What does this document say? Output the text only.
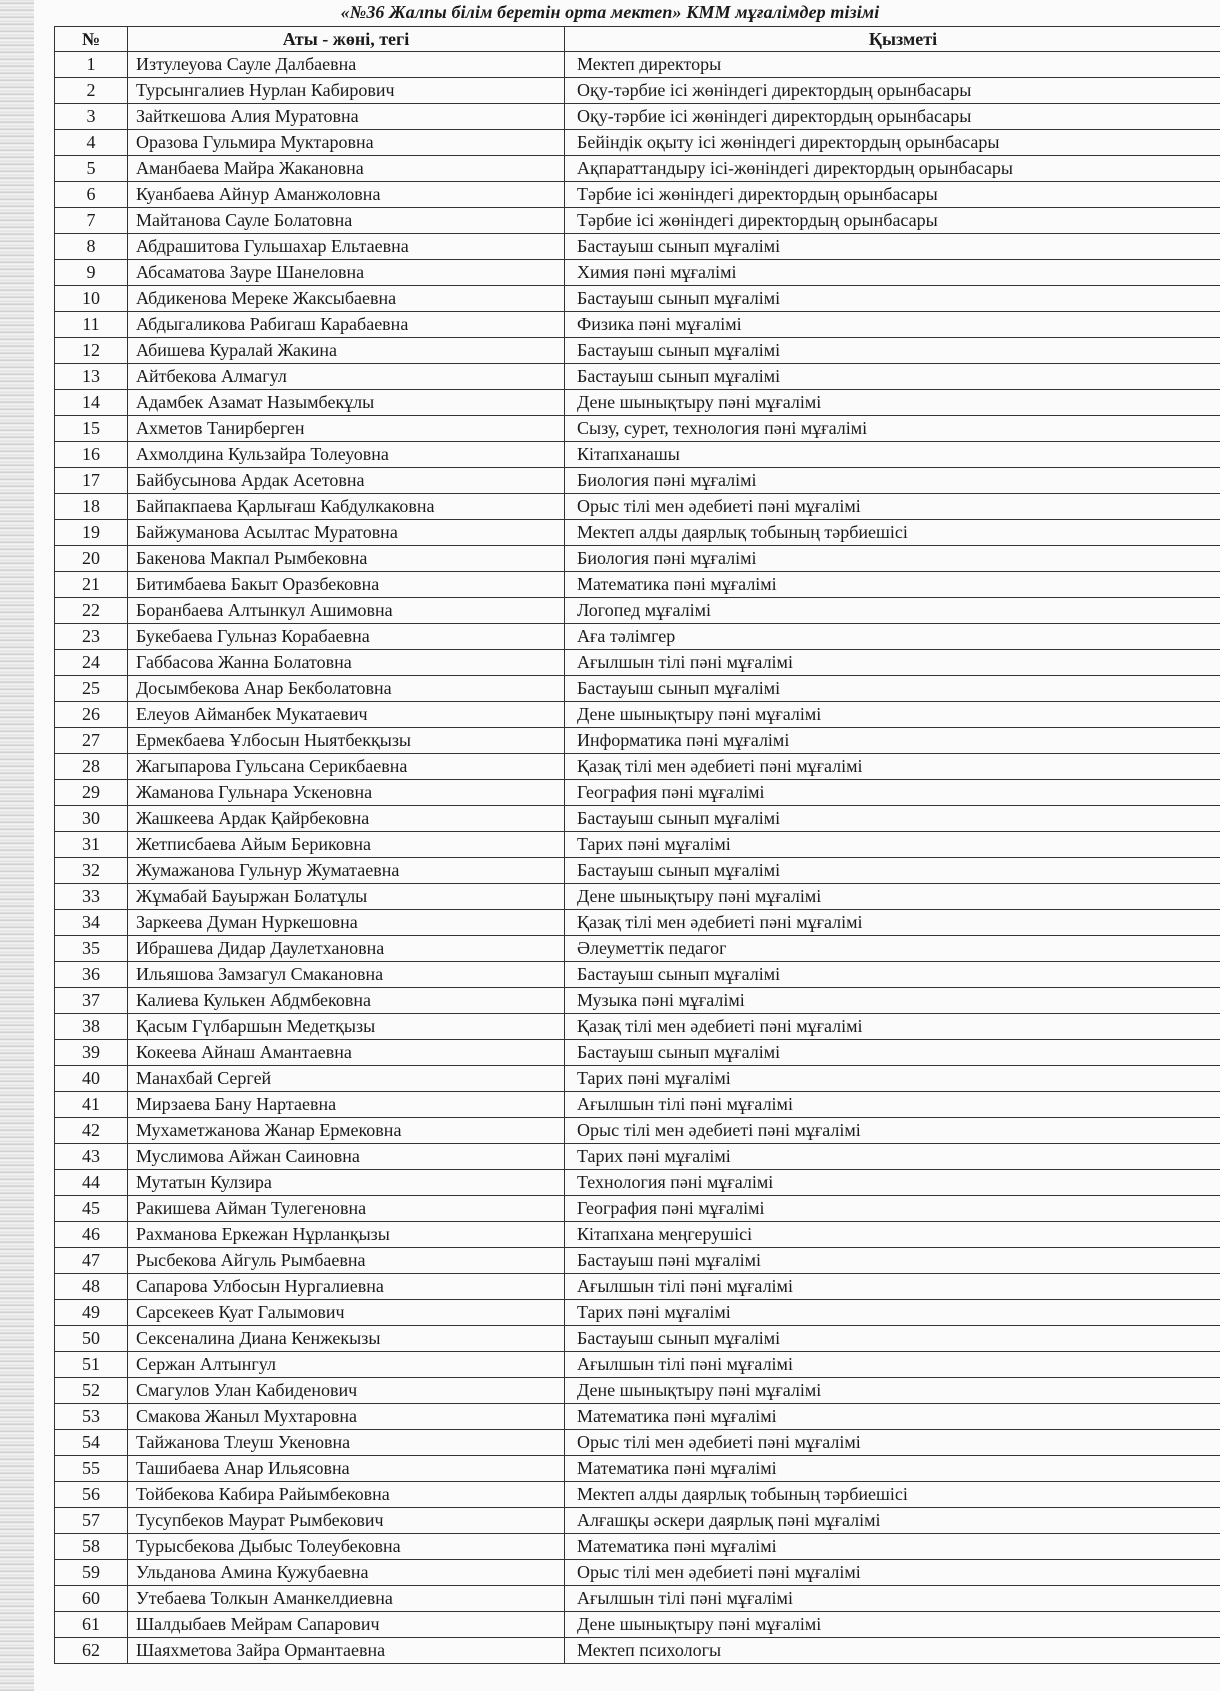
«№36 Жалпы білім беретін орта мектеп» КММ мұғалімдер тізімі
№	Аты - жөні, тегі	Қызметі
1	Изтулеуова Сауле Далбаевна	Мектеп директоры
2	Турсынгалиев Нурлан Кабирович	Оқу-тәрбие ісі жөніндегі директордың орынбасары
3	Зайткешова Алия Муратовна	Оқу-тәрбие ісі жөніндегі директордың орынбасары
4	Оразова Гульмира Муктаровна	Бейіндік оқыту ісі жөніндегі директордың орынбасары
5	Аманбаева Майра Жакановна	Ақпараттандыру ісі-жөніндегі директордың орынбасары
6	Куанбаева Айнур Аманжоловна	Тәрбие ісі жөніндегі директордың орынбасары
7	Майтанова Сауле Болатовна	Тәрбие ісі жөніндегі директордың орынбасары
8	Абдрашитова Гульшахар Ельтаевна	Бастауыш сынып мұғалімі
9	Абсаматова Зауре Шанеловна	Химия пәні мұғалімі
10	Абдикенова Мереке Жаксыбаевна	Бастауыш сынып мұғалімі
11	Абдыгаликова Рабигаш Карабаевна	Физика пәні мұғалімі
12	Абишева Куралай Жакина	Бастауыш сынып мұғалімі
13	Айтбекова Алмагул	Бастауыш сынып мұғалімі
14	Адамбек Азамат Назымбекұлы	Дене шынықтыру пәні мұғалімі
15	Ахметов Танирберген	Сызу, сурет, технология пәні мұғалімі
16	Ахмолдина Кульзайра Толеуовна	Кітапханашы
17	Байбусынова Ардак Асетовна	Биология пәні мұғалімі
18	Байпакпаева Қарлығаш Кабдулкаковна	Орыс тілі мен әдебиеті пәні мұғалімі
19	Байжуманова Асылтас Муратовна	Мектеп алды даярлық тобының тәрбиешісі
20	Бакенова Макпал Рымбековна	Биология пәні мұғалімі
21	Битимбаева Бакыт Оразбековна	Математика пәні мұғалімі
22	Боранбаева Алтынкул Ашимовна	Логопед мұғалімі
23	Букебаева Гульназ Корабаевна	Аға тәлімгер
24	Габбасова Жанна Болатовна	Ағылшын тілі пәні мұғалімі
25	Досымбекова Анар Бекболатовна	Бастауыш сынып мұғалімі
26	Елеуов Айманбек Мукатаевич	Дене шынықтыру пәні мұғалімі
27	Ермекбаева Ұлбосын Ныятбекқызы	Информатика пәні мұғалімі
28	Жагыпарова Гульсана Серикбаевна	Қазақ тілі мен әдебиеті пәні мұғалімі
29	Жаманова Гульнара Ускеновна	География пәні мұғалімі
30	Жашкеева Ардак Қайрбековна	Бастауыш сынып мұғалімі
31	Жетписбаева Айым Бериковна	Тарих пәні мұғалімі
32	Жумажанова Гульнур Жуматаевна	Бастауыш сынып мұғалімі
33	Жұмабай Бауыржан Болатұлы	Дене шынықтыру пәні мұғалімі
34	Заркеева Думан Нуркешовна	Қазақ тілі мен әдебиеті пәні мұғалімі
35	Ибрашева Дидар Даулетхановна	Әлеуметтік педагог
36	Ильяшова Замзагул Смакановна	Бастауыш сынып мұғалімі
37	Калиева Кулькен Абдмбековна	Музыка пәні мұғалімі
38	Қасым Гүлбаршын Медетқызы	Қазақ тілі мен әдебиеті пәні мұғалімі
39	Кокеева Айнаш Амантаевна	Бастауыш сынып мұғалімі
40	Манахбай Сергей	Тарих пәні мұғалімі
41	Мирзаева Бану Нартаевна	Ағылшын тілі пәні мұғалімі
42	Мухаметжанова Жанар Ермековна	Орыс тілі мен әдебиеті пәні мұғалімі
43	Муслимова Айжан Саиновна	Тарих пәні мұғалімі
44	Мутатын Кулзира	Технология пәні мұғалімі
45	Ракишева Айман Тулегеновна	География пәні мұғалімі
46	Рахманова Еркежан Нұрланқызы	Кітапхана меңгерушісі
47	Рысбекова Айгуль Рымбаевна	Бастауыш пәні мұғалімі
48	Сапарова Улбосын Нургалиевна	Ағылшын тілі пәні мұғалімі
49	Сарсекеев Куат Галымович	Тарих пәні мұғалімі
50	Сексеналина Диана Кенжекызы	Бастауыш сынып мұғалімі
51	Сержан Алтынгул	Ағылшын тілі пәні мұғалімі
52	Смагулов Улан Кабиденович	Дене шынықтыру пәні мұғалімі
53	Смакова Жаныл Мухтаровна	Математика пәні мұғалімі
54	Тайжанова Тлеуш Укеновна	Орыс тілі мен әдебиеті пәні мұғалімі
55	Ташибаева Анар Ильясовна	Математика пәні мұғалімі
56	Тойбекова Кабира Райымбековна	Мектеп алды даярлық тобының тәрбиешісі
57	Тусупбеков Маурат Рымбекович	Алғашқы әскери даярлық пәні мұғалімі
58	Турысбекова Дыбыс Толеубековна	Математика пәні мұғалімі
59	Ульданова Амина Кужубаевна	Орыс тілі мен әдебиеті пәні мұғалімі
60	Утебаева Толкын Аманкелдиевна	Ағылшын тілі пәні мұғалімі
61	Шалдыбаев Мейрам Сапарович	Дене шынықтыру пәні мұғалімі
62	Шаяхметова Зайра Ормантаевна	Мектеп психологы
